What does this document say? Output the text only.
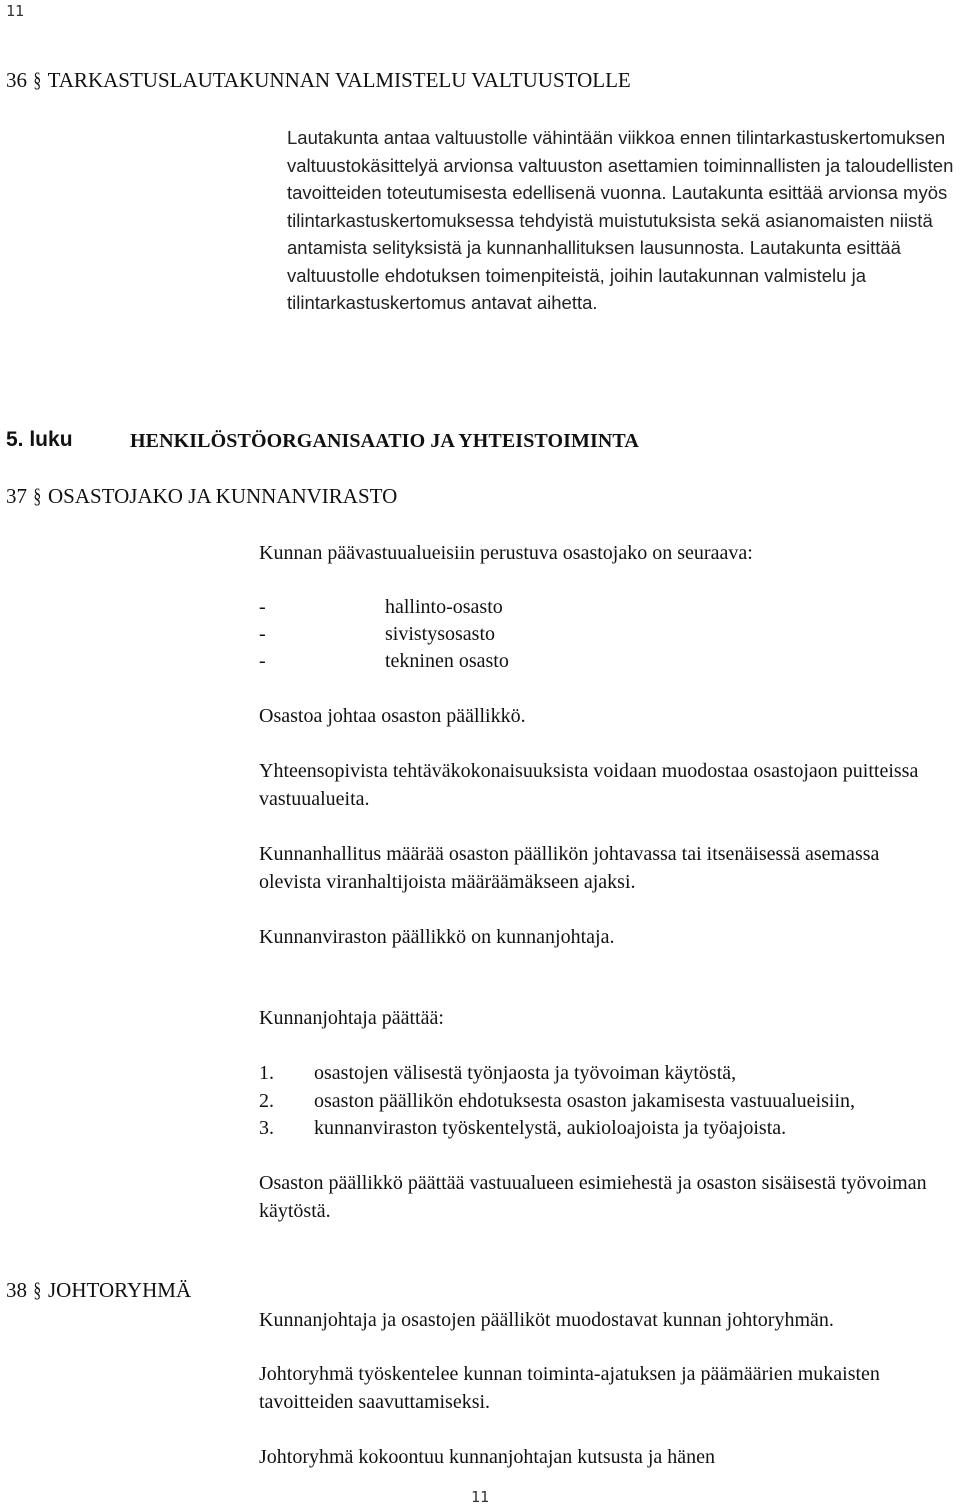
11
36 § TARKASTUSLAUTAKUNNAN VALMISTELU VALTUUSTOLLE

Lautakunta antaa valtuustolle vähintään viikkoa ennen tilintarkastuskertomuksen valtuustokäsittelyä arvionsa valtuuston asettamien toiminnallisten ja taloudellisten tavoitteiden toteutumisesta edellisenä vuonna. Lautakunta esittää arvionsa myös tilintarkastuskertomuksessa tehdyistä muistutuksista sekä asianomaisten niistä antamista selityksistä ja kunnanhallituksen lausunnosta. Lautakunta esittää valtuustolle ehdotuksen toimenpiteistä, joihin lautakunnan valmistelu ja tilintarkastuskertomus antavat aihetta.

5. luku	HENKILÖSTÖORGANISAATIO JA YHTEISTOIMINTA
37 § OSASTOJAKO JA KUNNANVIRASTO
Kunnan päävastuualueisiin perustuva osastojako on seuraava:
-	hallinto-osasto
-	sivistysosasto
-	tekninen osasto
Osastoa johtaa osaston päällikkö.
Yhteensopivista tehtäväkokonaisuuksista voidaan muodostaa osastojaon puitteissa vastuualueita.
Kunnanhallitus määrää osaston päällikön johtavassa tai itsenäisessä asemassa olevista viranhaltijoista määräämäkseen ajaksi.
Kunnanviraston päällikkö on kunnanjohtaja.
Kunnanjohtaja päättää:
1. osastojen välisestä työnjaosta ja työvoiman käytöstä,
2. osaston päällikön ehdotuksesta osaston jakamisesta vastuualueisiin,
3. kunnanviraston työskentelystä, aukioloajoista ja työajoista.
Osaston päällikkö päättää vastuualueen esimiehestä ja osaston sisäisestä työvoiman käytöstä.
38 § JOHTORYHMÄ
Kunnanjohtaja ja osastojen päälliköt muodostavat kunnan johtoryhmän.
Johtoryhmä työskentelee kunnan toiminta-ajatuksen ja päämäärien mukaisten tavoitteiden saavuttamiseksi.
Johtoryhmä kokoontuu kunnanjohtajan kutsusta ja hänen
11
